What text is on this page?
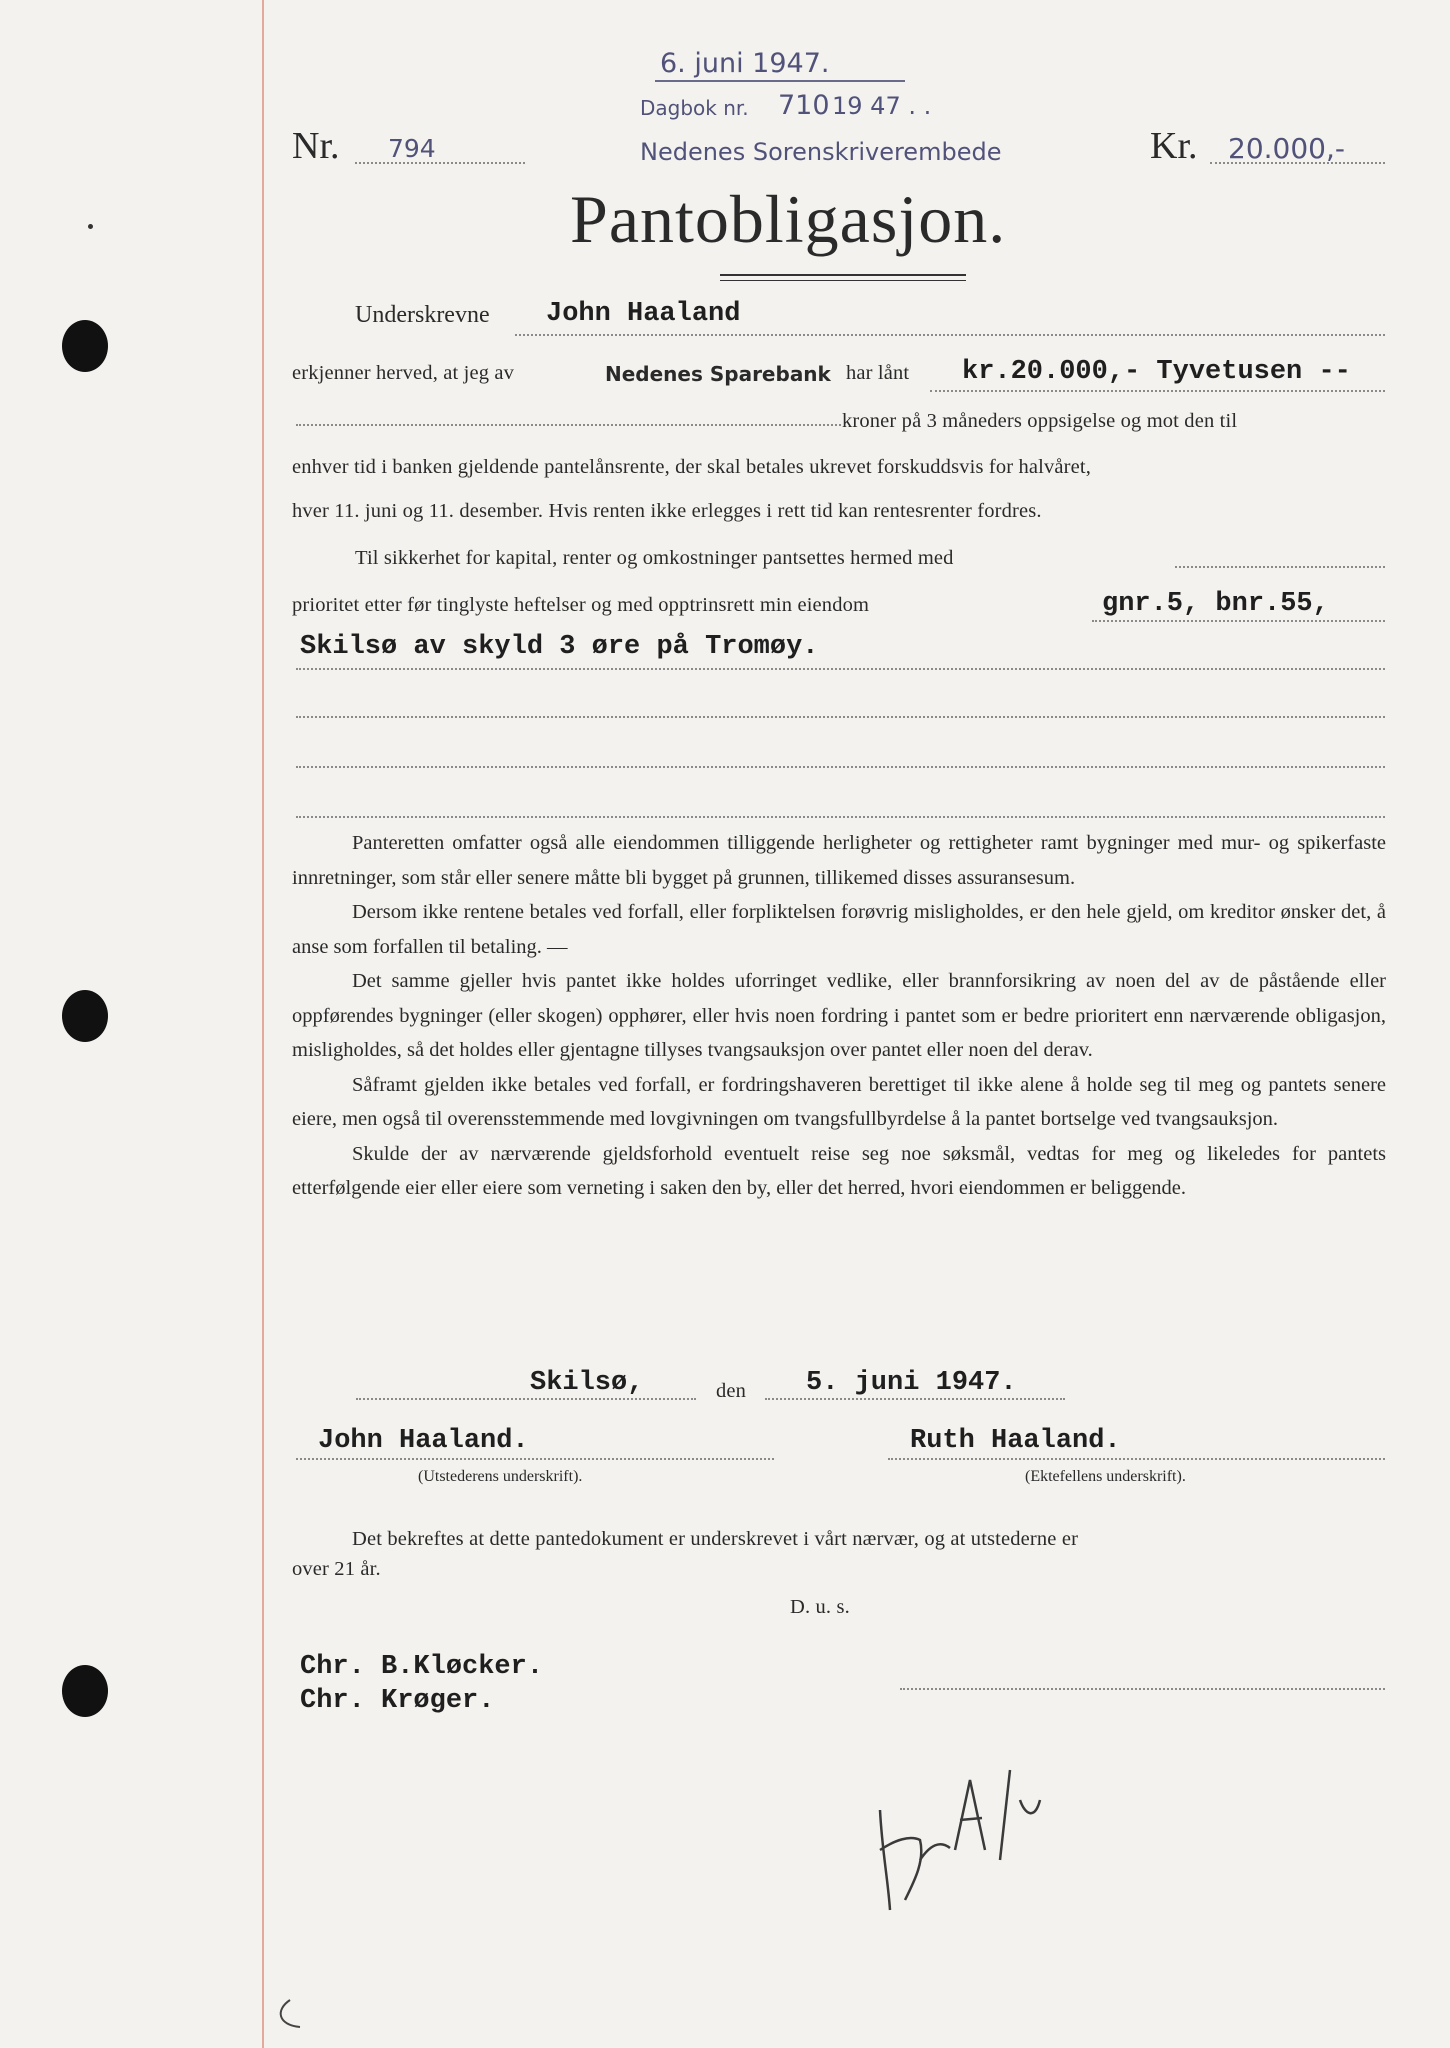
6. juni 1947.
Dagbok nr. 710 19 47 . .
Nedenes Sorenskriverembede
Nr. 794	Kr. 20.000,-
Pantobligasjon.
Underskrevne John Haaland
erkjenner herved, at jeg av	Nedenes Sparebank har lånt kr.20.000,- Tyvetusen --
kroner på 3 måneders oppsigelse og mot den til
enhver tid i banken gjeldende pantelånsrente, der skal betales ukrevet forskuddsvis for halvåret,
hver 11. juni og 11. desember. Hvis renten ikke erlegges i rett tid kan rentesrenter fordres.
Til sikkerhet for kapital, renter og omkostninger pantsettes hermed med
prioritet etter før tinglyste heftelser og med opptrinsrett min eiendom	gnr.5, bnr.55,
Skilsø av skyld 3 øre på Tromøy.

Panteretten omfatter også alle eiendommen tilliggende herligheter og rettigheter ramt bygninger med mur- og spikerfaste innretninger, som står eller senere måtte bli bygget på grunnen, tillikemed disses assuransesum.

Dersom ikke rentene betales ved forfall, eller forpliktelsen forøvrig misligholdes, er den hele gjeld, om kreditor ønsker det, å anse som forfallen til betaling. —

Det samme gjeller hvis pantet ikke holdes uforringet vedlike, eller brannforsikring av noen del av de påstående eller oppførendes bygninger (eller skogen) opphører, eller hvis noen fordring i pantet som er bedre prioritert enn nærværende obligasjon, misligholdes, så det holdes eller gjentagne tillyses tvangsauksjon over pantet eller noen del derav.

Såframt gjelden ikke betales ved forfall, er fordringshaveren berettiget til ikke alene å holde seg til meg og pantets senere eiere, men også til overensstemmende med lovgivningen om tvangsfullbyrdelse å la pantet bortselge ved tvangsauksjon.

Skulde der av nærværende gjeldsforhold eventuelt reise seg noe søksmål, vedtas for meg og likeledes for pantets etterfølgende eier eller eiere som verneting i saken den by, eller det herred, hvori eiendommen er beliggende.

Skilsø,	den 5. juni 1947.
John Haaland.
(Utstederens underskrift).
Ruth Haaland.
(Ektefellens underskrift).
Det bekreftes at dette pantedokument er underskrevet i vårt nærvær, og at utstederne er
over 21 år.
D. u. s.
Chr. B.Kløcker.
Chr. Krøger.
